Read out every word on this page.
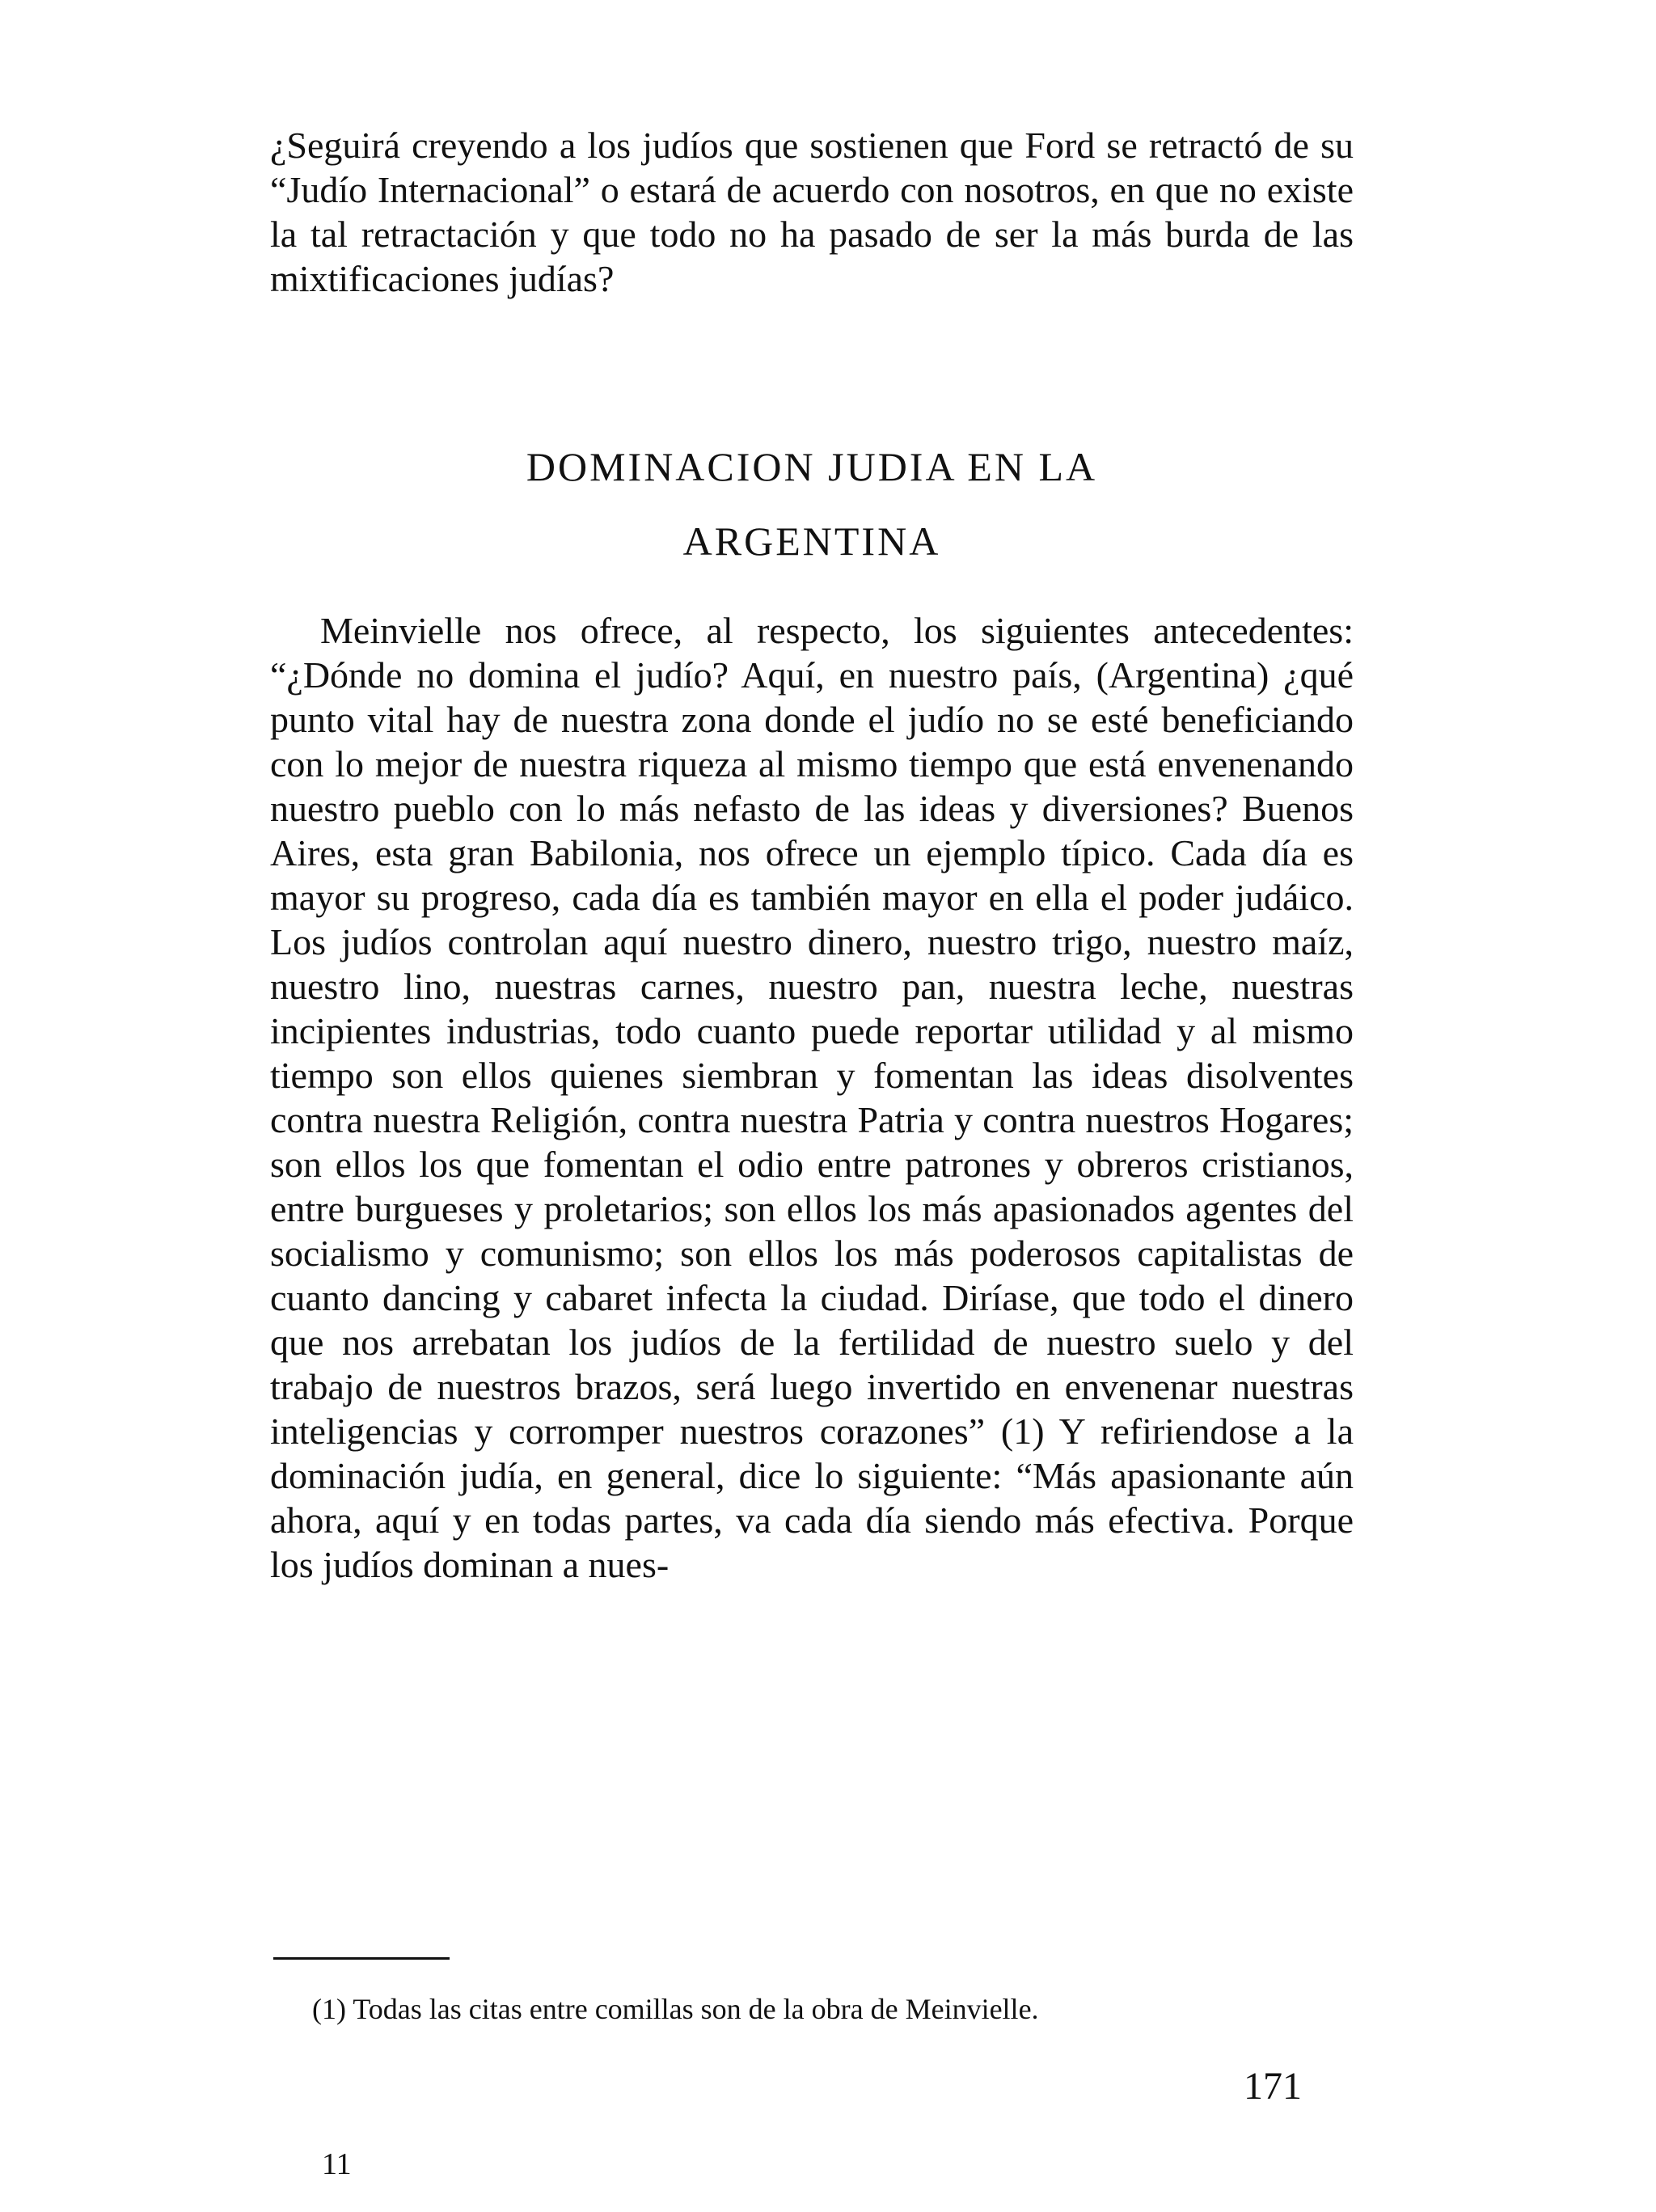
¿Seguirá creyendo a los judíos que sostienen que Ford se retractó de su “Judío Internacional” o estará de acuerdo con nosotros, en que no existe la tal retractación y que todo no ha pasado de ser la más burda de las mixtificaciones judías?

DOMINACION JUDIA EN LA
ARGENTINA

Meinvielle nos ofrece, al respecto, los siguientes antecedentes: “¿Dónde no domina el judío? Aquí, en nuestro país, (Argentina) ¿qué punto vital hay de nuestra zona donde el judío no se esté beneficiando con lo mejor de nuestra riqueza al mismo tiempo que está envenenando nuestro pueblo con lo más nefasto de las ideas y diversiones? Buenos Aires, esta gran Babilonia, nos ofrece un ejemplo típico. Cada día es mayor su progreso, cada día es también mayor en ella el poder judáico. Los judíos controlan aquí nuestro dinero, nuestro trigo, nuestro maíz, nuestro lino, nuestras carnes, nuestro pan, nuestra leche, nuestras incipientes industrias, todo cuanto puede reportar utilidad y al mismo tiempo son ellos quienes siembran y fomentan las ideas disolventes contra nuestra Religión, contra nuestra Patria y contra nuestros Hogares; son ellos los que fomentan el odio entre patrones y obreros cristianos, entre burgueses y proletarios; son ellos los más apasionados agentes del socialismo y comunismo; son ellos los más poderosos capitalistas de cuanto dancing y cabaret infecta la ciudad. Diríase, que todo el dinero que nos arrebatan los judíos de la fertilidad de nuestro suelo y del trabajo de nuestros brazos, será luego invertido en envenenar nuestras inteligencias y corromper nuestros corazones” (1) Y refiriendose a la dominación judía, en general, dice lo siguiente: “Más apasionante aún ahora, aquí y en todas partes, va cada día siendo más efectiva. Porque los judíos dominan a nues-

(1) Todas las citas entre comillas son de la obra de Meinvielle.

171
11
